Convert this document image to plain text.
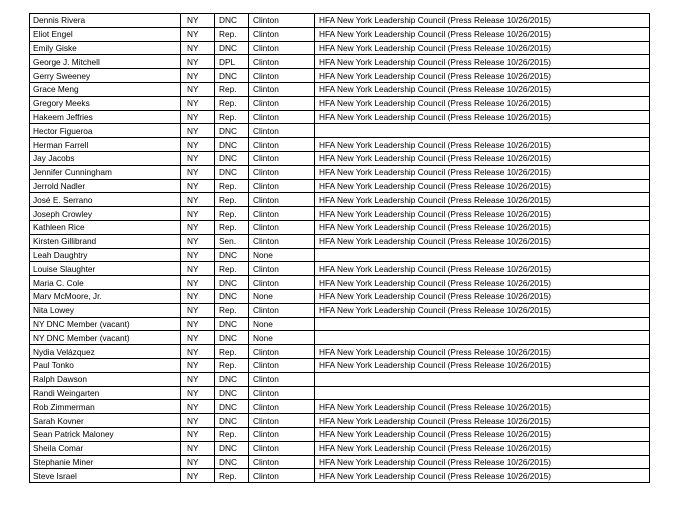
Dennis Rivera	NY	DNC	Clinton	HFA New York Leadership Council (Press Release 10/26/2015)
Eliot Engel	NY	Rep.	Clinton	HFA New York Leadership Council (Press Release 10/26/2015)
Emily Giske	NY	DNC	Clinton	HFA New York Leadership Council (Press Release 10/26/2015)
George J. Mitchell	NY	DPL	Clinton	HFA New York Leadership Council (Press Release 10/26/2015)
Gerry Sweeney	NY	DNC	Clinton	HFA New York Leadership Council (Press Release 10/26/2015)
Grace Meng	NY	Rep.	Clinton	HFA New York Leadership Council (Press Release 10/26/2015)
Gregory Meeks	NY	Rep.	Clinton	HFA New York Leadership Council (Press Release 10/26/2015)
Hakeem Jeffries	NY	Rep.	Clinton	HFA New York Leadership Council (Press Release 10/26/2015)
Hector Figueroa	NY	DNC	Clinton	
Herman Farrell	NY	DNC	Clinton	HFA New York Leadership Council (Press Release 10/26/2015)
Jay Jacobs	NY	DNC	Clinton	HFA New York Leadership Council (Press Release 10/26/2015)
Jennifer Cunningham	NY	DNC	Clinton	HFA New York Leadership Council (Press Release 10/26/2015)
Jerrold Nadler	NY	Rep.	Clinton	HFA New York Leadership Council (Press Release 10/26/2015)
José E. Serrano	NY	Rep.	Clinton	HFA New York Leadership Council (Press Release 10/26/2015)
Joseph Crowley	NY	Rep.	Clinton	HFA New York Leadership Council (Press Release 10/26/2015)
Kathleen Rice	NY	Rep.	Clinton	HFA New York Leadership Council (Press Release 10/26/2015)
Kirsten Gillibrand	NY	Sen.	Clinton	HFA New York Leadership Council (Press Release 10/26/2015)
Leah Daughtry	NY	DNC	None	
Louise Slaughter	NY	Rep.	Clinton	HFA New York Leadership Council (Press Release 10/26/2015)
Maria C. Cole	NY	DNC	Clinton	HFA New York Leadership Council (Press Release 10/26/2015)
Marv McMoore, Jr.	NY	DNC	None	HFA New York Leadership Council (Press Release 10/26/2015)
Nita Lowey	NY	Rep.	Clinton	HFA New York Leadership Council (Press Release 10/26/2015)
NY DNC Member (vacant)	NY	DNC	None	
NY DNC Member (vacant)	NY	DNC	None	
Nydia Velázquez	NY	Rep.	Clinton	HFA New York Leadership Council (Press Release 10/26/2015)
Paul Tonko	NY	Rep.	Clinton	HFA New York Leadership Council (Press Release 10/26/2015)
Ralph Dawson	NY	DNC	Clinton	
Randi Weingarten	NY	DNC	Clinton	
Rob Zimmerman	NY	DNC	Clinton	HFA New York Leadership Council (Press Release 10/26/2015)
Sarah Kovner	NY	DNC	Clinton	HFA New York Leadership Council (Press Release 10/26/2015)
Sean Patrick Maloney	NY	Rep.	Clinton	HFA New York Leadership Council (Press Release 10/26/2015)
Sheila Comar	NY	DNC	Clinton	HFA New York Leadership Council (Press Release 10/26/2015)
Stephanie Miner	NY	DNC	Clinton	HFA New York Leadership Council (Press Release 10/26/2015)
Steve Israel	NY	Rep.	Clinton	HFA New York Leadership Council (Press Release 10/26/2015)
